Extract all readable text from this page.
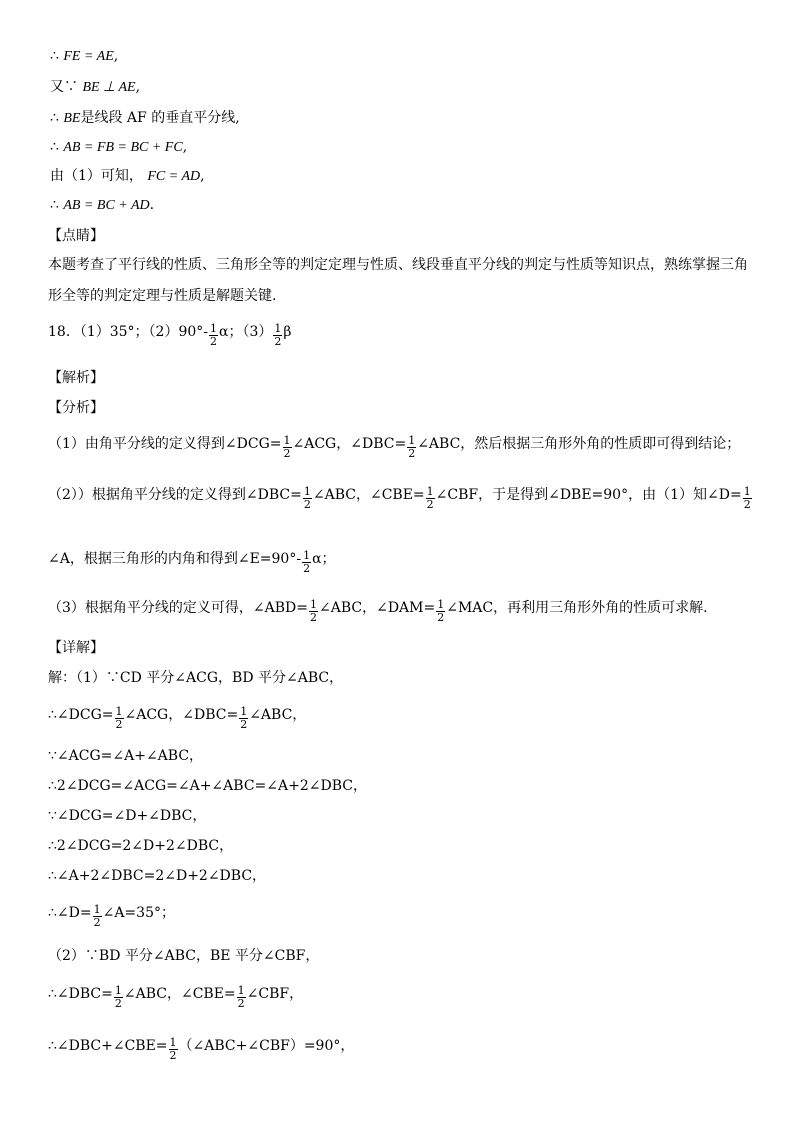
∴ FE = AE,
又∵ BE ⊥ AE,
∴ BE是线段 AF 的垂直平分线,
∴ AB = FB = BC + FC,
由（1）可知， FC = AD,
∴ AB = BC + AD.
【点睛】
本题考查了平行线的性质、三角形全等的判定定理与性质、线段垂直平分线的判定与性质等知识点，熟练掌握三角形全等的判定定理与性质是解题关键.
18．（1）35°；$(2)90^\circ- \frac{1}{2}$ α；$(3) \frac{1}{2}$ β
【解析】
【分析】
（1）由角平分线的定义得到∠DCG= $\frac{1}{2}$ ∠ACG，∠DBC= $\frac{1}{2}$ ∠ABC，然后根据三角形外角的性质即可得到结论；
（2））根据角平分线的定义得到∠DBC= $\frac{1}{2}$ ∠ABC，∠CBE= $\frac{1}{2}$ ∠CBF，于是得到∠DBE=90°，由（1）知∠D= $\frac{1}{2}$
∠A，根据三角形的内角和得到∠E=90°- $\frac{1}{2}$ α；
（3）根据角平分线的定义可得，∠ABD= $\frac{1}{2}$ ∠ABC，∠DAM= $\frac{1}{2}$ ∠MAC，再利用三角形外角的性质可求解.
【详解】
解：（1）∵CD 平分∠ACG，BD 平分∠ABC，
∴∠DCG= $\frac{1}{2}$ ∠ACG，∠DBC= $\frac{1}{2}$ ∠ABC，
∵∠ACG=∠A+∠ABC，
∴2∠DCG=∠ACG=∠A+∠ABC=∠A+2∠DBC，
∵∠DCG=∠D+∠DBC，
∴2∠DCG=2∠D+2∠DBC，
∴∠A+2∠DBC=2∠D+2∠DBC，
∴∠D= $\frac{1}{2}$ ∠A=35°；
（2）∵BD 平分∠ABC，BE 平分∠CBF，
∴∠DBC= $\frac{1}{2}$ ∠ABC，∠CBE= $\frac{1}{2}$ ∠CBF，
∴∠DBC+∠CBE= $\frac{1}{2}$ （∠ABC+∠CBF）=90°，
